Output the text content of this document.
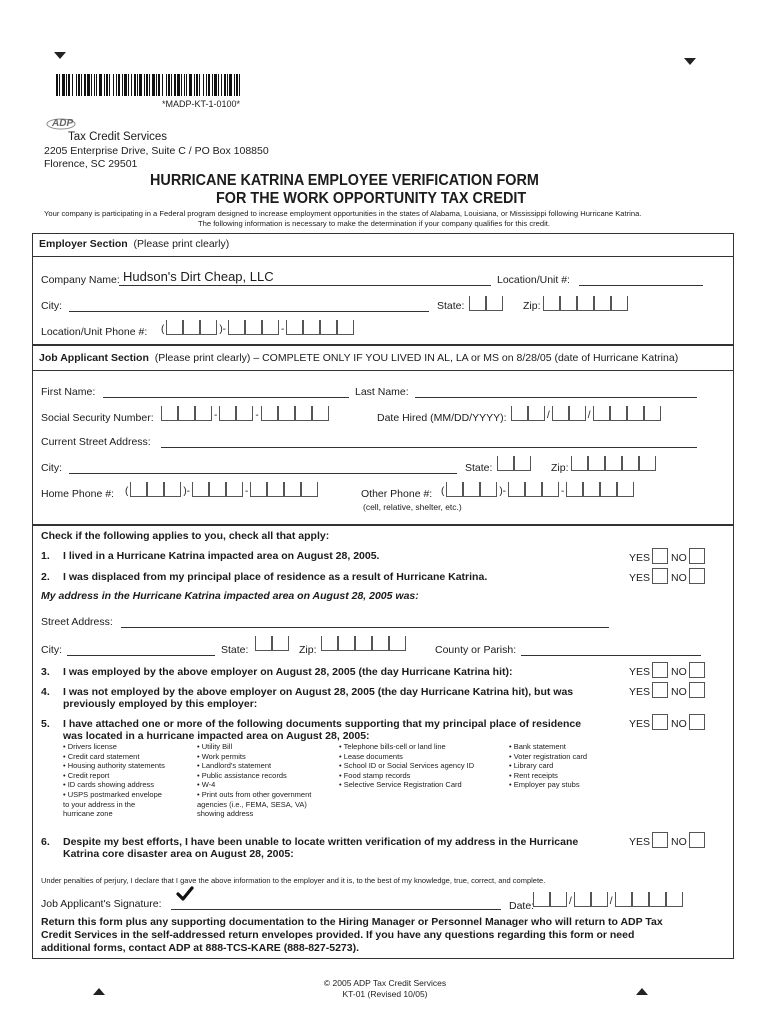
*MADP-KT-1-0100*
ADP
Tax Credit Services
2205 Enterprise Drive, Suite C / PO Box 108850
Florence, SC 29501
HURRICANE KATRINA EMPLOYEE VERIFICATION FORM
FOR THE WORK OPPORTUNITY TAX CREDIT
Your company is participating in a Federal program designed to increase employment opportunities in the states of Alabama, Louisiana, or Mississippi following Hurricane Katrina.
The following information is necessary to make the determination if your company qualifies for this credit.
Employer Section (Please print clearly)
Company Name: Hudson's Dirt Cheap, LLC	Location/Unit #:
City:	State:	Zip:
Location/Unit Phone #: (	)-	-
Job Applicant Section (Please print clearly) – COMPLETE ONLY IF YOU LIVED IN AL, LA or MS on 8/28/05 (date of Hurricane Katrina)
First Name:	Last Name:
Social Security Number:	-	-	Date Hired (MM/DD/YYYY):	/	/
Current Street Address:
City:	State:	Zip:
Home Phone #: (	)-	-	Other Phone #: (	)-	-
(cell, relative, shelter, etc.)
Check if the following applies to you, check all that apply:
1. I lived in a Hurricane Katrina impacted area on August 28, 2005.	YES NO
2. I was displaced from my principal place of residence as a result of Hurricane Katrina.	YES NO
My address in the Hurricane Katrina impacted area on August 28, 2005 was:
Street Address:
City:	State:	Zip:	County or Parish:
3. I was employed by the above employer on August 28, 2005 (the day Hurricane Katrina hit):	YES NO
4. I was not employed by the above employer on August 28, 2005 (the day Hurricane Katrina hit), but was
previously employed by this employer:
YES NO
5. I have attached one or more of the following documents supporting that my principal place of residence
was located in a hurricane impacted area on August 28, 2005:
YES NO
• Drivers license
• Credit card statement
• Housing authority statements
• Credit report
• ID cards showing address
• USPS postmarked envelope
to your address in the
hurricane zone
• Utility Bill
• Work permits
• Landlord's statement
• Public assistance records
• W-4
• Print outs from other government
agencies (i.e., FEMA, SESA, VA)
showing address
• Telephone bills-cell or land line
• Lease documents
• School ID or Social Services agency ID
• Food stamp records
• Selective Service Registration Card
• Bank statement
• Voter registration card
• Library card
• Rent receipts
• Employer pay stubs
6. Despite my best efforts, I have been unable to locate written verification of my address in the Hurricane
Katrina core disaster area on August 28, 2005:
YES NO
Under penalties of perjury, I declare that I gave the above information to the employer and it is, to the best of my knowledge, true, correct, and complete.
Job Applicant's Signature:	Date:	/	/
Return this form plus any supporting documentation to the Hiring Manager or Personnel Manager who will return to ADP Tax
Credit Services in the self-addressed return envelopes provided. If you have any questions regarding this form or need
additional forms, contact ADP at 888-TCS-KARE (888-827-5273).
© 2005 ADP Tax Credit Services
KT-01 (Revised 10/05)
